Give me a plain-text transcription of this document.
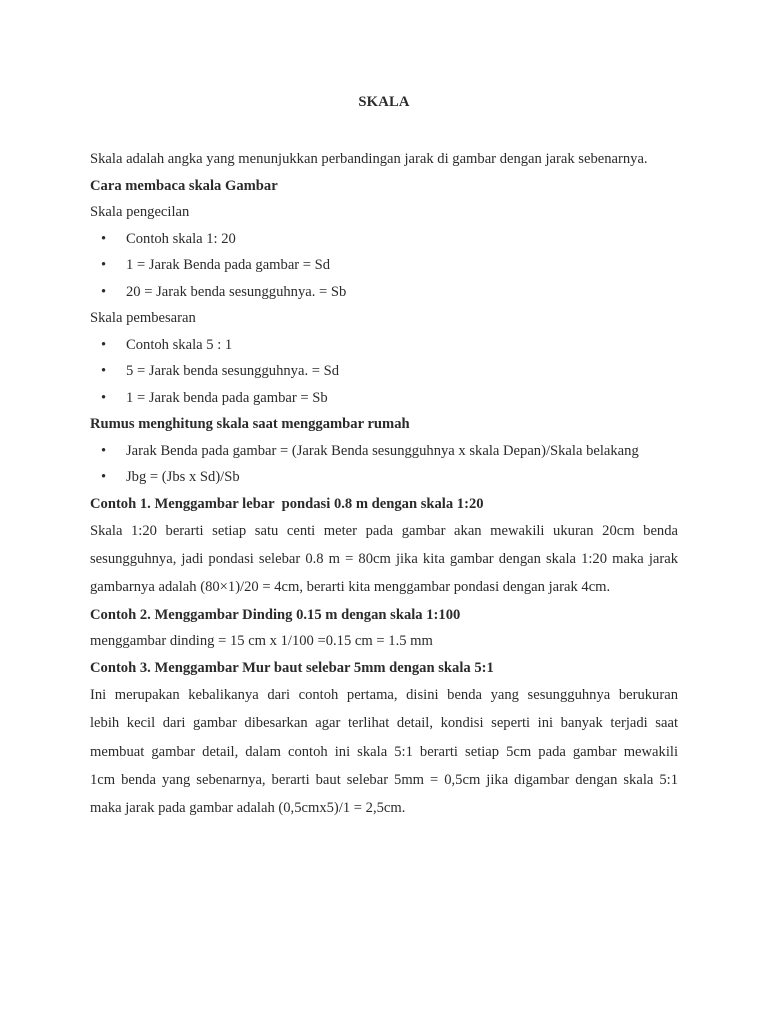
SKALA

Skala adalah angka yang menunjukkan perbandingan jarak di gambar dengan jarak sebenarnya.

Cara membaca skala Gambar

Skala pengecilan

• Contoh skala 1: 20
• 1 = Jarak Benda pada gambar = Sd
• 20 = Jarak benda sesungguhnya. = Sb

Skala pembesaran

• Contoh skala 5 : 1
• 5 = Jarak benda sesungguhnya. = Sd
• 1 = Jarak benda pada gambar = Sb

Rumus menghitung skala saat menggambar rumah

• Jarak Benda pada gambar = (Jarak Benda sesungguhnya x skala Depan)/Skala belakang
• Jbg = (Jbs x Sd)/Sb

Contoh 1. Menggambar lebar  pondasi 0.8 m dengan skala 1:20

Skala 1:20 berarti setiap satu centi meter pada gambar akan mewakili ukuran 20cm benda
sesungguhnya, jadi pondasi selebar 0.8 m = 80cm jika kita gambar dengan skala 1:20 maka jarak
gambarnya adalah (80×1)/20 = 4cm, berarti kita menggambar pondasi dengan jarak 4cm.

Contoh 2. Menggambar Dinding 0.15 m dengan skala 1:100

menggambar dinding = 15 cm x 1/100 =0.15 cm = 1.5 mm

Contoh 3. Menggambar Mur baut selebar 5mm dengan skala 5:1

Ini merupakan kebalikanya dari contoh pertama, disini benda yang sesungguhnya berukuran
lebih kecil dari gambar dibesarkan agar terlihat detail, kondisi seperti ini banyak terjadi saat
membuat gambar detail, dalam contoh ini skala 5:1 berarti setiap 5cm pada gambar mewakili
1cm benda yang sebenarnya, berarti baut selebar 5mm = 0,5cm jika digambar dengan skala 5:1
maka jarak pada gambar adalah (0,5cmx5)/1 = 2,5cm.
